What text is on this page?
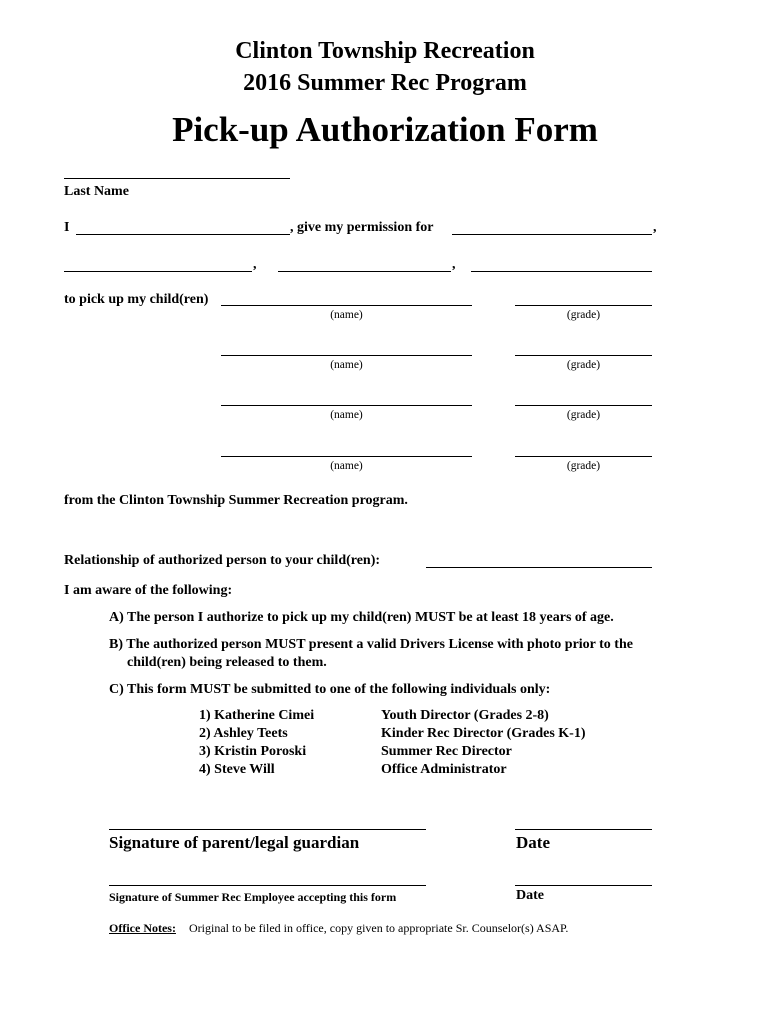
Clinton Township Recreation
2016 Summer Rec Program
Pick-up Authorization Form
Last Name
I	, give my permission for	,
,	,
to pick up my child(ren)
(name)	(grade)
(name)	(grade)
(name)	(grade)
(name)	(grade)
from the Clinton Township Summer Recreation program.
Relationship of authorized person to your child(ren):
I am aware of the following:
A) The person I authorize to pick up my child(ren) MUST be at least 18 years of age.
B) The authorized person MUST present a valid Drivers License with photo prior to the
child(ren) being released to them.
C) This form MUST be submitted to one of the following individuals only:
1) Katherine Cimei	Youth Director (Grades 2-8)
2) Ashley Teets	Kinder Rec Director (Grades K-1)
3) Kristin Poroski	Summer Rec Director
4) Steve Will	Office Administrator
Signature of parent/legal guardian	Date
Signature of Summer Rec Employee accepting this form	Date
Office Notes: Original to be filed in office, copy given to appropriate Sr. Counselor(s) ASAP.
